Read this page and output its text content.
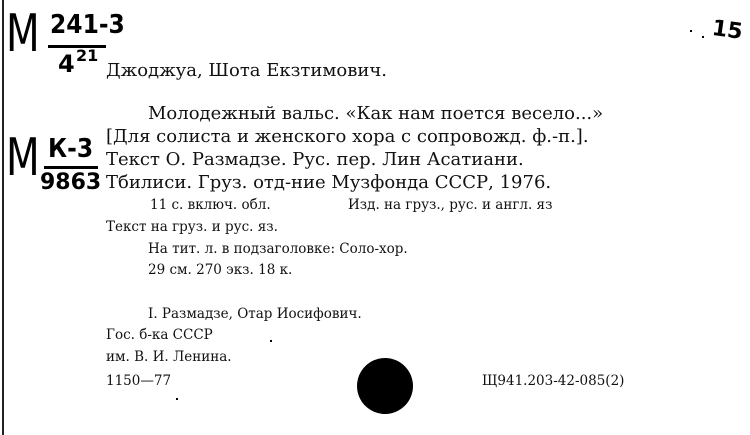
М 241-3
4 21
М К-3
9863
15
Джоджуа, Шота Екзтимович.
Молодежный вальс. «Как нам поется весело...»
[Для солиста и женского хора с сопровожд. ф.-п.].
Текст О. Размадзе. Рус. пер. Лин Асатиани.
Тбилиси. Груз. отд-ние Музфонда СССР, 1976.
11 с. включ. обл.	Изд. на груз., рус. и англ. яз
Текст на груз. и рус. яз.
На тит. л. в подзаголовке: Соло-хор.
29 см. 270 экз. 18 к.
I. Размадзе, Отар Иосифович.
Гос. б-ка СССР
им. В. И. Ленина.
1150—77	Щ941.203-42-085(2)
